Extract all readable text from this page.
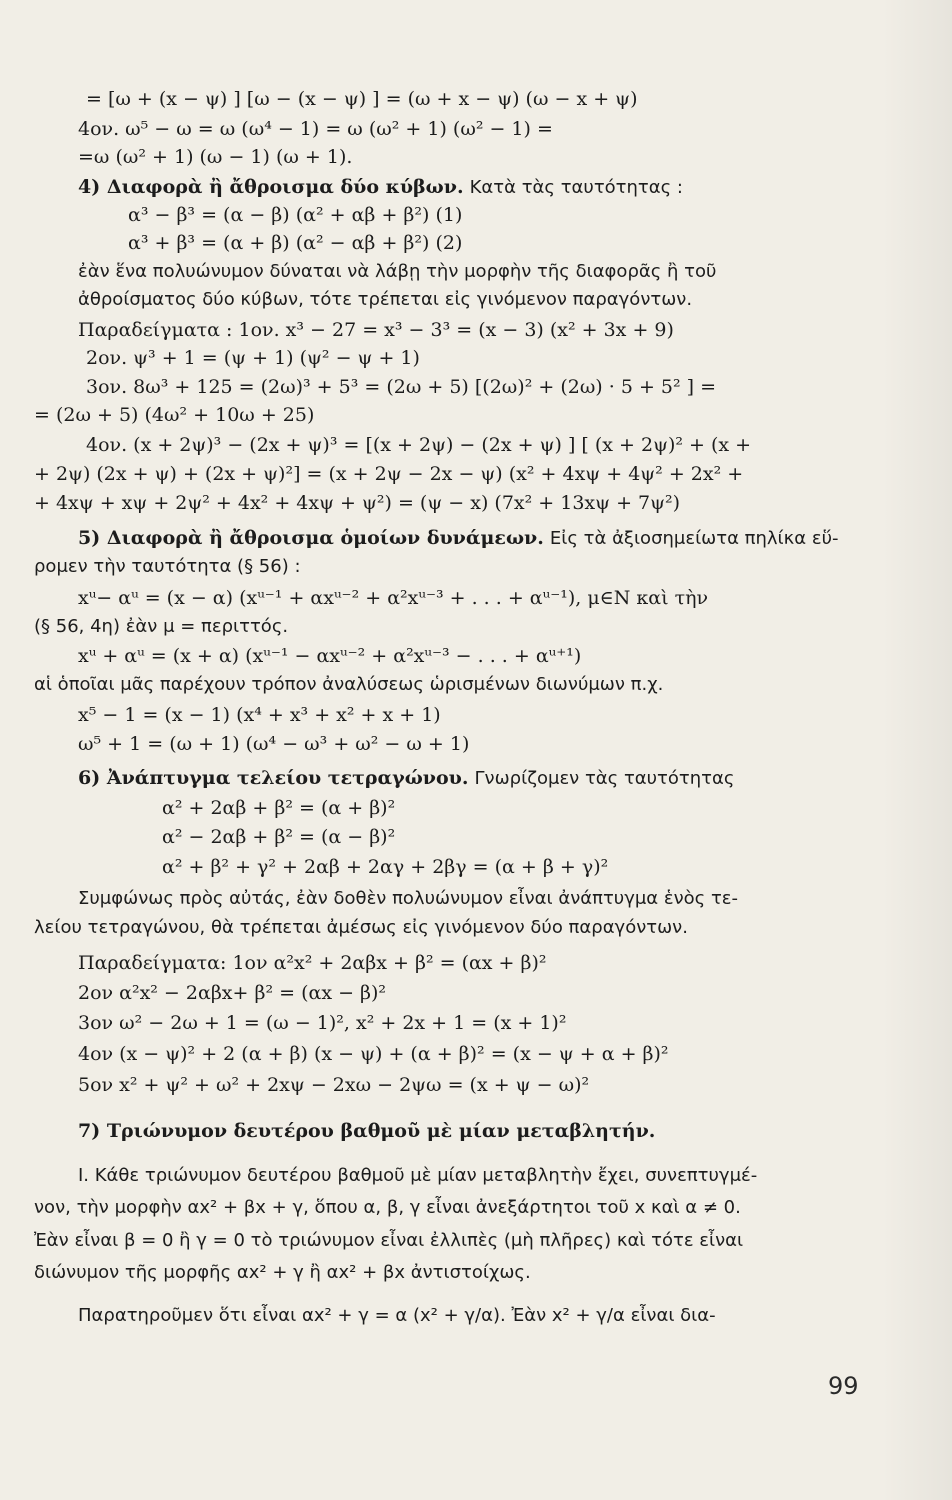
= [ω + (x − ψ) ] [ω − (x − ψ) ] = (ω + x − ψ) (ω − x + ψ)
4ον. ω⁵ − ω = ω (ω⁴ − 1) = ω (ω² + 1) (ω² − 1) =
=ω (ω² + 1) (ω − 1) (ω + 1).
4) Διαφορὰ ἢ ἄθροισμα δύο κύβων. Κατὰ τὰς ταυτότητας :
α³ − β³ = (α − β) (α² + αβ + β²) (1)
α³ + β³ = (α + β) (α² − αβ + β²) (2)
ἐὰν ἕνα πολυώνυμον δύναται νὰ λάβῃ τὴν μορφὴν τῆς διαφορᾶς ἢ τοῦ
ἀθροίσματος δύο κύβων, τότε τρέπεται εἰς γινόμενον παραγόντων.
Παραδείγματα : 1ον. x³ − 27 = x³ − 3³ = (x − 3) (x² + 3x + 9)
2ον. ψ³ + 1 = (ψ + 1) (ψ² − ψ + 1)
3ον. 8ω³ + 125 = (2ω)³ + 5³ = (2ω + 5) [(2ω)² + (2ω) · 5 + 5² ] =
= (2ω + 5) (4ω² + 10ω + 25)
4ον. (x + 2ψ)³ − (2x + ψ)³ = [(x + 2ψ) − (2x + ψ) ] [ (x + 2ψ)² + (x +
+ 2ψ) (2x + ψ) + (2x + ψ)²] = (x + 2ψ − 2x − ψ) (x² + 4xψ + 4ψ² + 2x² +
+ 4xψ + xψ + 2ψ² + 4x² + 4xψ + ψ²) = (ψ − x) (7x² + 13xψ + 7ψ²)
5) Διαφορὰ ἢ ἄθροισμα ὁμοίων δυνάμεων. Εἰς τὰ ἀξιοσημείωτα πηλίκα εὕ-
ρομεν τὴν ταυτότητα (§ 56) :
xᵘ− αᵘ = (x − α) (xᵘ⁻¹ + αxᵘ⁻² + α²xᵘ⁻³ + . . . + αᵘ⁻¹), μ∈N καὶ τὴν
(§ 56, 4η) ἐὰν μ = περιττός.
xᵘ + αᵘ = (x + α) (xᵘ⁻¹ − αxᵘ⁻² + α²xᵘ⁻³ − . . . + αᵘ⁺¹)
αἱ ὁποῖαι μᾶς παρέχουν τρόπον ἀναλύσεως ὡρισμένων διωνύμων π.χ.
x⁵ − 1 = (x − 1) (x⁴ + x³ + x² + x + 1)
ω⁵ + 1 = (ω + 1) (ω⁴ − ω³ + ω² − ω + 1)
6) Ἀνάπτυγμα τελείου τετραγώνου. Γνωρίζομεν τὰς ταυτότητας
α² + 2αβ + β² = (α + β)²
α² − 2αβ + β² = (α − β)²
α² + β² + γ² + 2αβ + 2αγ + 2βγ = (α + β + γ)²
Συμφώνως πρὸς αὐτάς, ἐὰν δοθὲν πολυώνυμον εἶναι ἀνάπτυγμα ἑνὸς τε-
λείου τετραγώνου, θὰ τρέπεται ἀμέσως εἰς γινόμενον δύο παραγόντων.
Παραδείγματα: 1ον α²x² + 2αβx + β² = (αx + β)²
2ον α²x² − 2αβx+ β² = (αx − β)²
3ον ω² − 2ω + 1 = (ω − 1)², x² + 2x + 1 = (x + 1)²
4ον (x − ψ)² + 2 (α + β) (x − ψ) + (α + β)² = (x − ψ + α + β)²
5ον x² + ψ² + ω² + 2xψ − 2xω − 2ψω = (x + ψ − ω)²
7) Τριώνυμον δευτέρου βαθμοῦ μὲ μίαν μεταβλητήν.
I. Κάθε τριώνυμον δευτέρου βαθμοῦ μὲ μίαν μεταβλητὴν ἔχει, συνεπτυγμέ-
νον, τὴν μορφὴν αx² + βx + γ, ὅπου α, β, γ εἶναι ἀνεξάρτητοι τοῦ x καὶ α ≠ 0.
Ἐὰν εἶναι β = 0 ἢ γ = 0 τὸ τριώνυμον εἶναι ἐλλιπὲς (μὴ πλῆρες) καὶ τότε εἶναι
διώνυμον τῆς μορφῆς αx² + γ ἢ αx² + βx ἀντιστοίχως.
Παρατηροῦμεν ὅτι εἶναι αx² + γ = α (x² + γ/α). Ἐὰν x² + γ/α εἶναι δια-
99
